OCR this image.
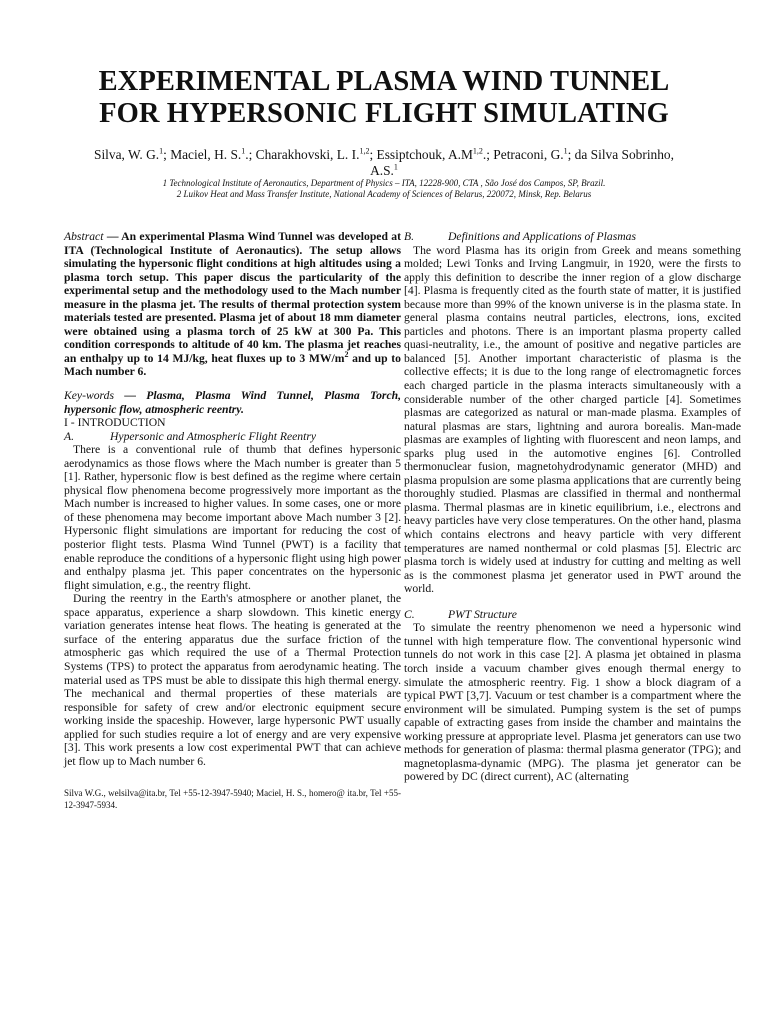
EXPERIMENTAL PLASMA WIND TUNNEL
FOR HYPERSONIC FLIGHT SIMULATING
Silva, W. G.$^1$; Maciel, H. S.$^1$.; Charakhovski, L. I.$^{1,2}$; Essiptchouk, $A.M^{1,2}$.; Petraconi, G.$^1$; da Silva Sobrinho,
A.S.$^1$
1 Technological Institute of Aeronautics, Department of Physics – ITA, 12228-900, CTA , São José dos Campos, SP, Brazil.
2 Luikov Heat and Mass Transfer Institute, National Academy of Sciences of Belarus, 220072, Minsk, Rep. Belarus

Abstract — An experimental Plasma Wind Tunnel was developed at ITA (Technological Institute of Aeronautics). The setup allows simulating the hypersonic flight conditions at high altitudes using a plasma torch setup. This paper discus the particularity of the experimental setup and the methodology used to the Mach number measure in the plasma jet. The results of thermal protection system materials tested are presented. Plasma jet of about 18 mm diameter were obtained using a plasma torch of 25 kW at 300 Pa. This condition corresponds to altitude of 40 km. The plasma jet reaches an enthalpy up to 14 MJ/kg, heat fluxes up to 3 $MW/m^2$ and up to Mach number 6.

Key-words — Plasma, Plasma Wind Tunnel, Plasma Torch, hypersonic flow, atmospheric reentry.

I - INTRODUCTION

A.	Hypersonic and Atmospheric Flight Reentry

There is a conventional rule of thumb that defines hypersonic aerodynamics as those flows where the Mach number is greater than 5 [1]. Rather, hypersonic flow is best defined as the regime where certain physical flow phenomena become progressively more important as the Mach number is increased to higher values. In some cases, one or more of these phenomena may become important above Mach number 3 [2]. Hypersonic flight simulations are important for reducing the cost of posterior flight tests. Plasma Wind Tunnel (PWT) is a facility that enable reproduce the conditions of a hypersonic flight using high power and enthalpy plasma jet. This paper concentrates on the hypersonic flight simulation, e.g., the reentry flight.

During the reentry in the Earth's atmosphere or another planet, the space apparatus, experience a sharp slowdown. This kinetic energy variation generates intense heat flows. The heating is generated at the surface of the entering apparatus due the surface friction of the atmospheric gas which required the use of a Thermal Protection Systems (TPS) to protect the apparatus from aerodynamic heating. The material used as TPS must be able to dissipate this high thermal energy. The mechanical and thermal properties of these materials are responsible for safety of crew and/or electronic equipment secure working inside the spaceship. However, large hypersonic PWT usually applied for such studies require a lot of energy and are very expensive [3]. This work presents a low cost experimental PWT that can achieve jet flow up to Mach number 6.

Silva W.G., welsilva@ita.br, Tel +55-12-3947-5940; Maciel, H. S., homero@ ita.br, Tel +55-12-3947-5934.

B.	Definitions and Applications of Plasmas

The word Plasma has its origin from Greek and means something molded; Lewi Tonks and Irving Langmuir, in 1920, were the firsts to apply this definition to describe the inner region of a glow discharge [4]. Plasma is frequently cited as the fourth state of matter, it is justified because more than 99% of the known universe is in the plasma state. In general plasma contains neutral particles, electrons, ions, excited particles and photons. There is an important plasma property called quasi-neutrality, i.e., the amount of positive and negative particles are balanced [5]. Another important characteristic of plasma is the collective effects; it is due to the long range of electromagnetic forces each charged particle in the plasma interacts simultaneously with a considerable number of the other charged particle [4]. Sometimes plasmas are categorized as natural or man-made plasma. Examples of natural plasmas are stars, lightning and aurora borealis. Man-made plasmas are examples of lighting with fluorescent and neon lamps, and sparks plug used in the automotive engines [6]. Controlled thermonuclear fusion, magnetohydrodynamic generator (MHD) and plasma propulsion are some plasma applications that are currently being thoroughly studied. Plasmas are classified in thermal and nonthermal plasma. Thermal plasmas are in kinetic equilibrium, i.e., electrons and heavy particles have very close temperatures. On the other hand, plasma which contains electrons and heavy particle with very different temperatures are named nonthermal or cold plasmas [5]. Electric arc plasma torch is widely used at industry for cutting and melting as well as is the commonest plasma jet generator used in PWT around the world.

C.	PWT Structure

To simulate the reentry phenomenon we need a hypersonic wind tunnel with high temperature flow. The conventional hypersonic wind tunnels do not work in this case [2]. A plasma jet obtained in plasma torch inside a vacuum chamber gives enough thermal energy to simulate the atmospheric reentry. Fig. 1 show a block diagram of a typical PWT [3,7]. Vacuum or test chamber is a compartment where the environment will be simulated. Pumping system is the set of pumps capable of extracting gases from inside the chamber and maintains the working pressure at appropriate level. Plasma jet generators can use two methods for generation of plasma: thermal plasma generator (TPG); and magnetoplasma-dynamic (MPG). The plasma jet generator can be powered by DC (direct current), AC (alternating
